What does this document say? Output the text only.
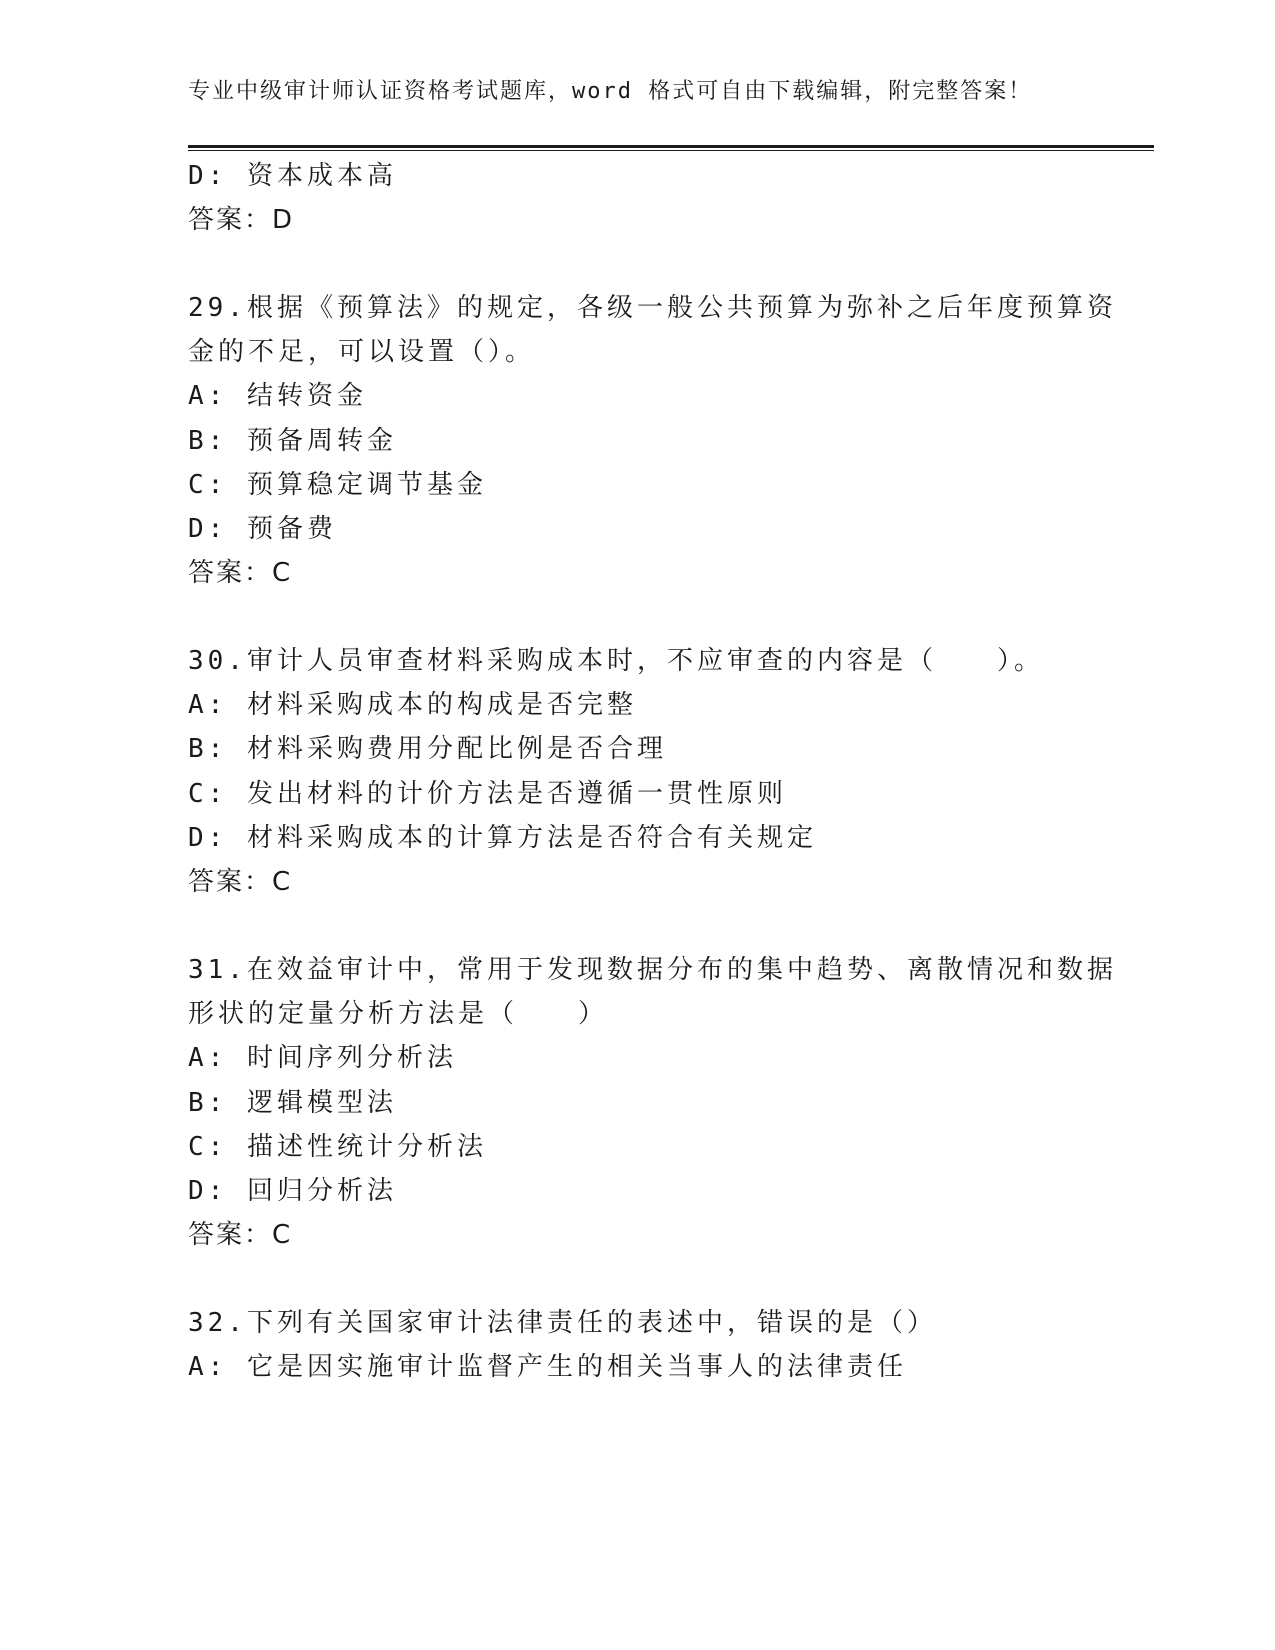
专业中级审计师认证资格考试题库，word 格式可自由下载编辑，附完整答案！
D: 资本成本高
答案：D
29.根据《预算法》的规定，各级一般公共预算为弥补之后年度预算资
金的不足，可以设置（）。
A: 结转资金
B: 预备周转金
C: 预算稳定调节基金
D: 预备费
答案：C
30.审计人员审查材料采购成本时，不应审查的内容是（　　）。
A: 材料采购成本的构成是否完整
B: 材料采购费用分配比例是否合理
C: 发出材料的计价方法是否遵循一贯性原则
D: 材料采购成本的计算方法是否符合有关规定
答案：C
31.在效益审计中，常用于发现数据分布的集中趋势、离散情况和数据
形状的定量分析方法是（　　）
A: 时间序列分析法
B: 逻辑模型法
C: 描述性统计分析法
D: 回归分析法
答案：C
32.下列有关国家审计法律责任的表述中，错误的是（）
A: 它是因实施审计监督产生的相关当事人的法律责任
